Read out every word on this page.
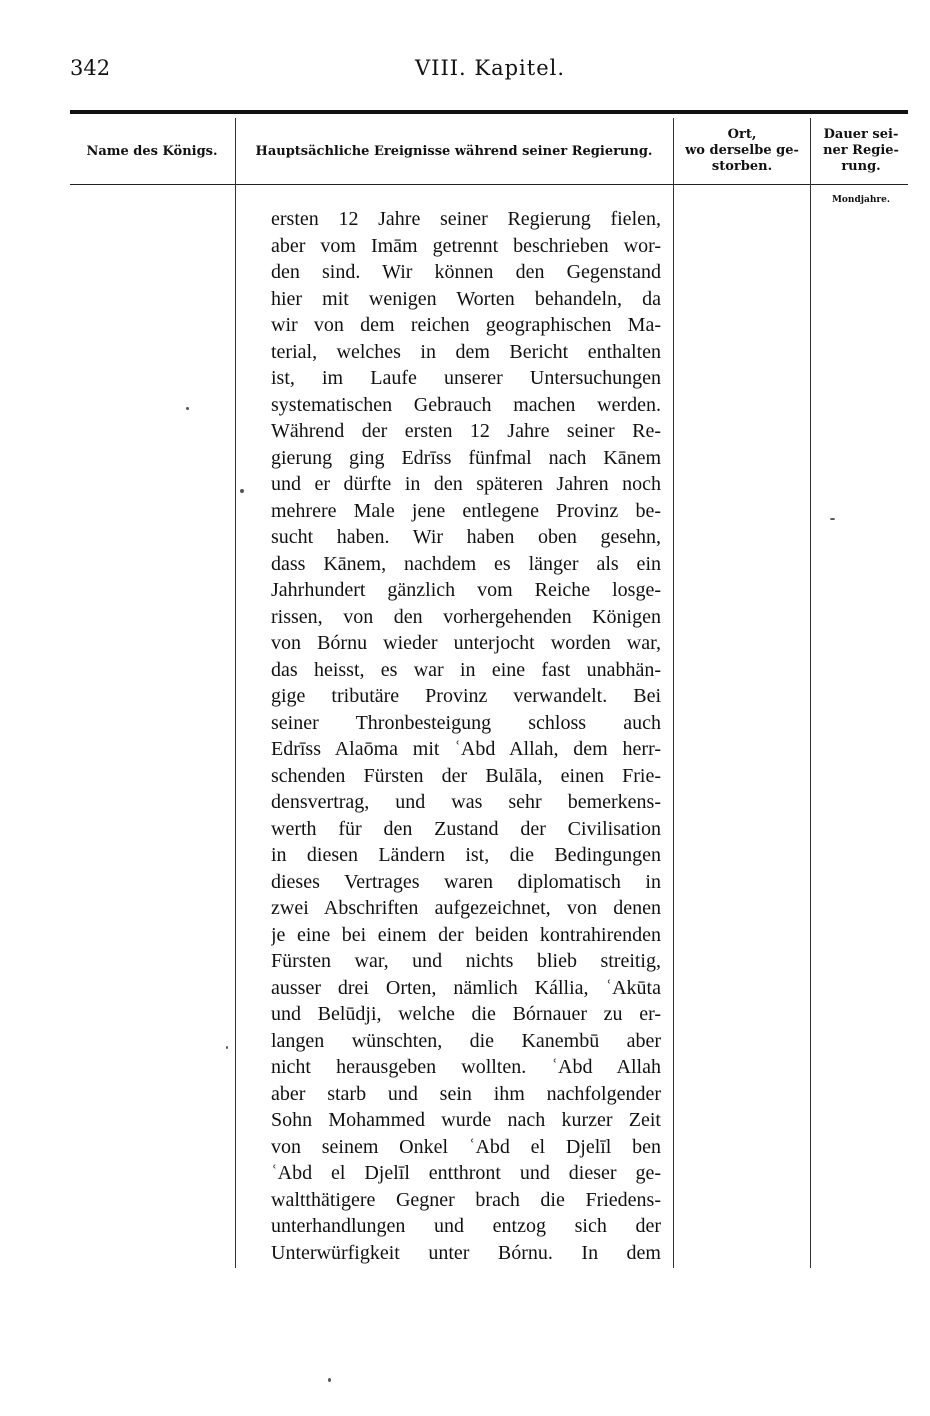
342	VIII. Kapitel.
Name des Königs.	Hauptsächliche Ereignisse während seiner Regierung.
Ort,
wo derselbe ge-
storben.
Dauer sei-
ner Regie-
rung.
Mondjahre.
ersten 12 Jahre seiner Regierung fielen,
aber vom Imām getrennt beschrieben wor-
den sind. Wir können den Gegenstand
hier mit wenigen Worten behandeln, da
wir von dem reichen geographischen Ma-
terial, welches in dem Bericht enthalten
ist, im Laufe unserer Untersuchungen
systematischen Gebrauch machen werden.
Während der ersten 12 Jahre seiner Re-
gierung ging Edrīss fünfmal nach Kānem
und er dürfte in den späteren Jahren noch
mehrere Male jene entlegene Provinz be-
sucht haben. Wir haben oben gesehn,
dass Kānem, nachdem es länger als ein
Jahrhundert gänzlich vom Reiche losge-
rissen, von den vorhergehenden Königen
von Bórnu wieder unterjocht worden war,
das heisst, es war in eine fast unabhän-
gige tributäre Provinz verwandelt. Bei
seiner Thronbesteigung schloss auch
Edrīss Alaōma mit ʿAbd Allah, dem herr-
schenden Fürsten der Bulāla, einen Frie-
densvertrag, und was sehr bemerkens-
werth für den Zustand der Civilisation
in diesen Ländern ist, die Bedingungen
dieses Vertrages waren diplomatisch in
zwei Abschriften aufgezeichnet, von denen
je eine bei einem der beiden kontrahirenden
Fürsten war, und nichts blieb streitig,
ausser drei Orten, nämlich Kállia, ʿAkūta
und Belūdji, welche die Bórnauer zu er-
langen wünschten, die Kanembū aber
nicht herausgeben wollten. ʿAbd Allah
aber starb und sein ihm nachfolgender
Sohn Mohammed wurde nach kurzer Zeit
von seinem Onkel ʿAbd el Djelīl ben
ʿAbd el Djelīl entthront und dieser ge-
waltthätigere Gegner brach die Friedens-
unterhandlungen und entzog sich der
Unterwürfigkeit unter Bórnu. In dem
